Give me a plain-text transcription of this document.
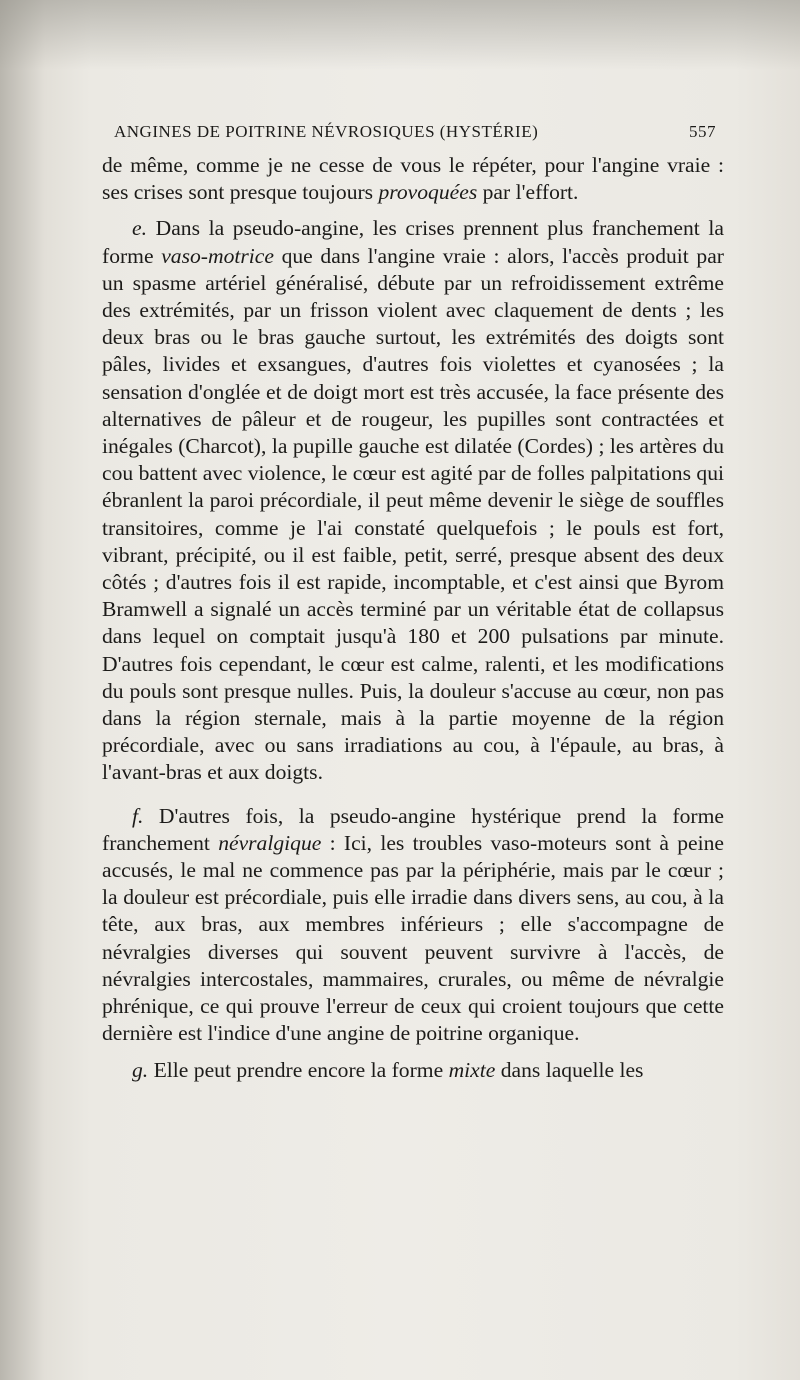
ANGINES DE POITRINE NÉVROSIQUES (HYSTÉRIE)	557

de même, comme je ne cesse de vous le répéter, pour l'angine vraie : ses crises sont presque toujours provoquées par l'effort.

e. Dans la pseudo-angine, les crises prennent plus franchement la forme vaso-motrice que dans l'angine vraie : alors, l'accès produit par un spasme artériel généralisé, débute par un refroidissement extrême des extrémités, par un frisson violent avec claquement de dents ; les deux bras ou le bras gauche surtout, les extrémités des doigts sont pâles, livides et exsangues, d'autres fois violettes et cyanosées ; la sensation d'onglée et de doigt mort est très accusée, la face présente des alternatives de pâleur et de rougeur, les pupilles sont contractées et inégales (Charcot), la pupille gauche est dilatée (Cordes) ; les artères du cou battent avec violence, le cœur est agité par de folles palpitations qui ébranlent la paroi précordiale, il peut même devenir le siège de souffles transitoires, comme je l'ai constaté quelquefois ; le pouls est fort, vibrant, précipité, ou il est faible, petit, serré, presque absent des deux côtés ; d'autres fois il est rapide, incomptable, et c'est ainsi que Byrom Bramwell a signalé un accès terminé par un véritable état de collapsus dans lequel on comptait jusqu'à 180 et 200 pulsations par minute. D'autres fois cependant, le cœur est calme, ralenti, et les modifications du pouls sont presque nulles. Puis, la douleur s'accuse au cœur, non pas dans la région sternale, mais à la partie moyenne de la région précordiale, avec ou sans irradiations au cou, à l'épaule, au bras, à l'avant-bras et aux doigts.

f. D'autres fois, la pseudo-angine hystérique prend la forme franchement névralgique : Ici, les troubles vaso-moteurs sont à peine accusés, le mal ne commence pas par la périphérie, mais par le cœur ; la douleur est précordiale, puis elle irradie dans divers sens, au cou, à la tête, aux bras, aux membres inférieurs ; elle s'accompagne de névralgies diverses qui souvent peuvent survivre à l'accès, de névralgies intercostales, mammaires, crurales, ou même de névralgie phrénique, ce qui prouve l'erreur de ceux qui croient toujours que cette dernière est l'indice d'une angine de poitrine organique.

g. Elle peut prendre encore la forme mixte dans laquelle les
